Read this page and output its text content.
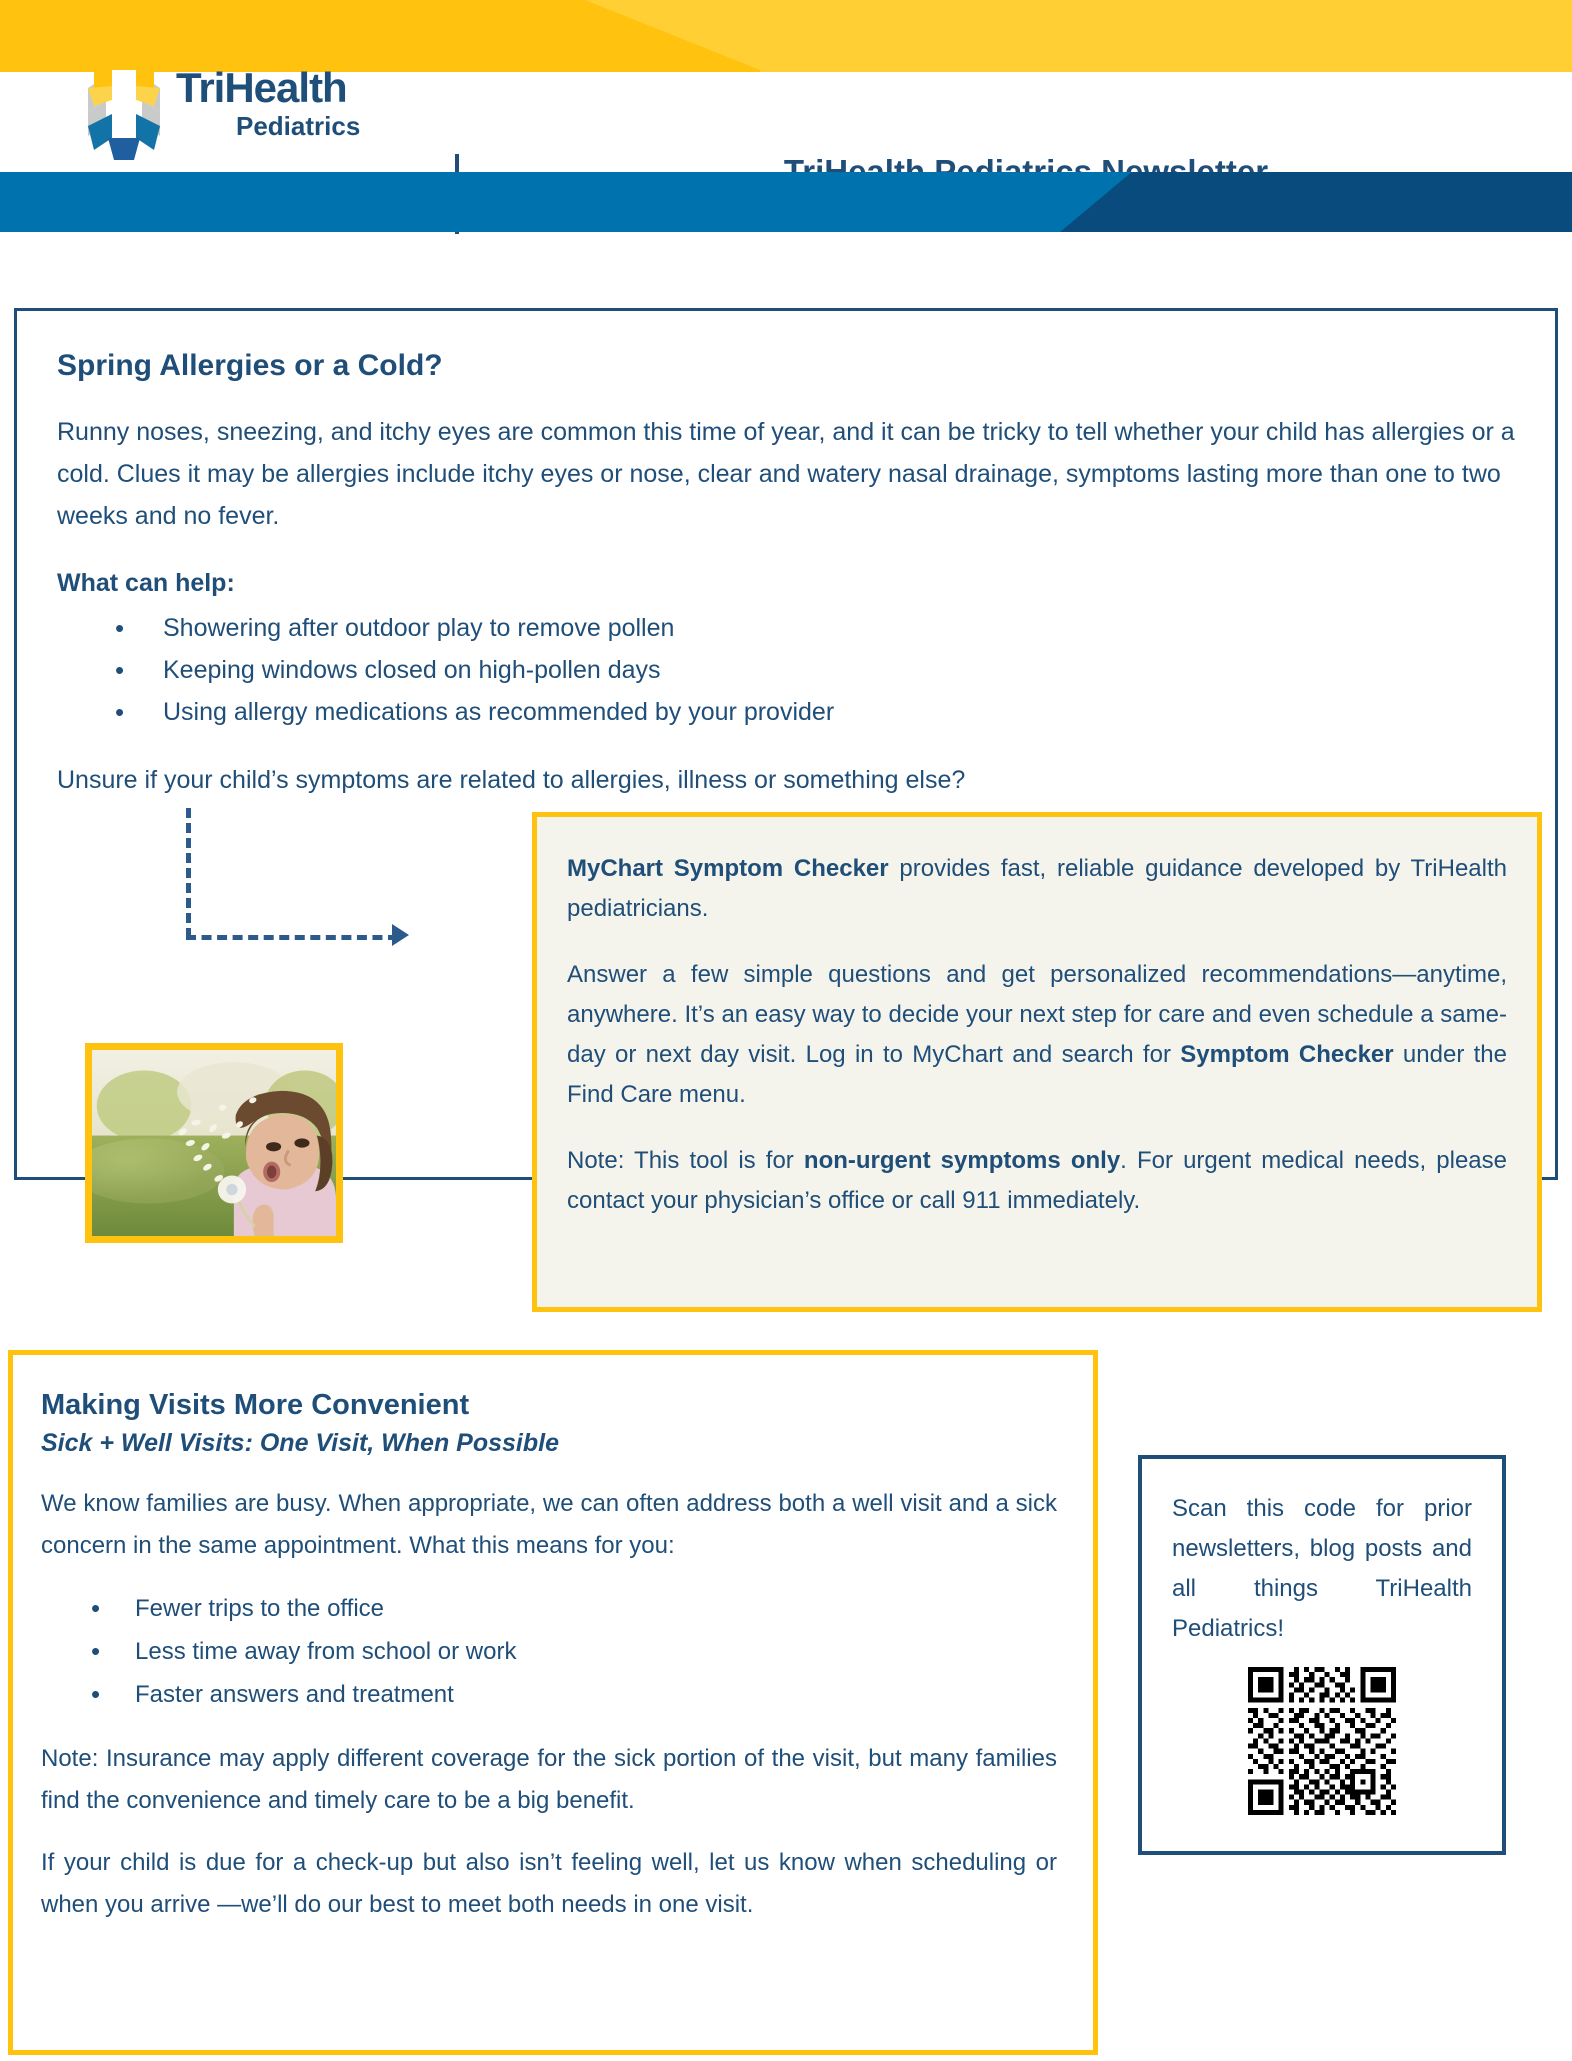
TriHealth
Pediatrics
Spring Allergies or a Cold?

Runny noses, sneezing, and itchy eyes are common this time of year, and it can be tricky to tell whether your child has allergies or a cold. Clues it may be allergies include itchy eyes or nose, clear and watery nasal drainage, symptoms lasting more than one to two weeks and no fever.

What can help:

• Showering after outdoor play to remove pollen
• Keeping windows closed on high-pollen days
• Using allergy medications as recommended by your provider

Unsure if your child’s symptoms are related to allergies, illness or something else?

MyChart Symptom Checker provides fast, reliable guidance developed by TriHealth pediatricians.

Answer a few simple questions and get personalized recommendations—anytime, anywhere. It’s an easy way to decide your next step for care and even schedule a same-day or next day visit. Log in to MyChart and search for Symptom Checker under the Find Care menu.

Note: This tool is for non-urgent symptoms only. For urgent medical needs, please contact your physician’s office or call 911 immediately.

Making Visits More Convenient
Sick + Well Visits: One Visit, When Possible

We know families are busy. When appropriate, we can often address both a well visit and a sick concern in the same appointment. What this means for you:

• Fewer trips to the office
• Less time away from school or work
• Faster answers and treatment

Note: Insurance may apply different coverage for the sick portion of the visit, but many families find the convenience and timely care to be a big benefit.

If your child is due for a check-up but also isn’t feeling well, let us know when scheduling or when you arrive —we’ll do our best to meet both needs in one visit.

Scan this code for prior newsletters, blog posts and all things TriHealth Pediatrics!
